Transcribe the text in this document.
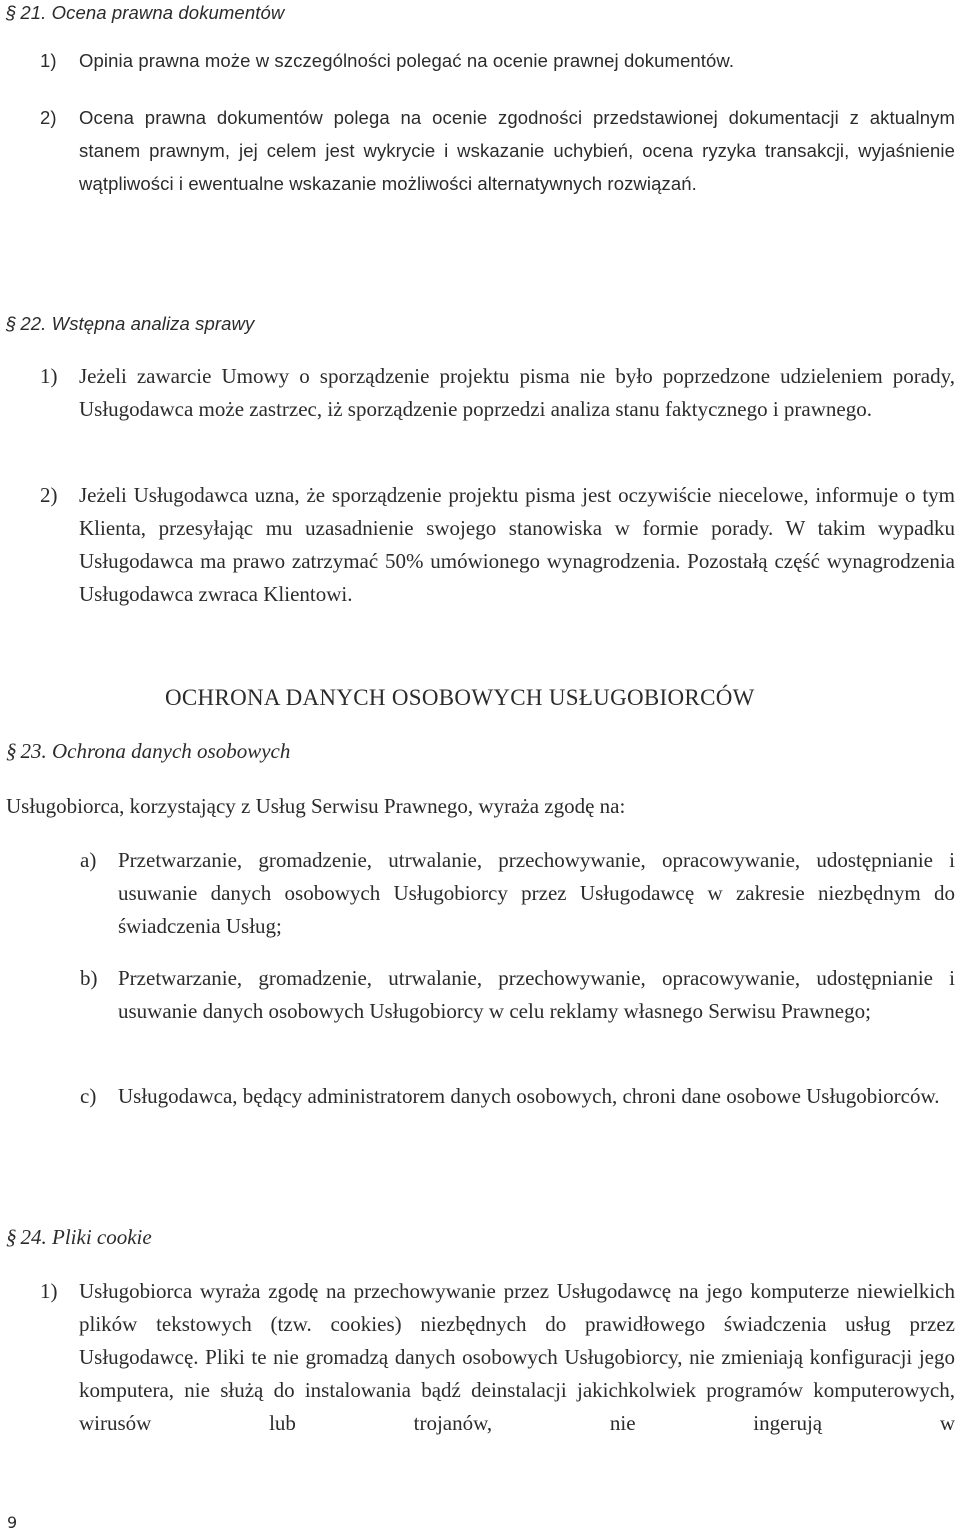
§ 21. Ocena prawna dokumentów
1) Opinia prawna może w szczególności polegać na ocenie prawnej dokumentów.
2) Ocena prawna dokumentów polega na ocenie zgodności przedstawionej dokumentacji z aktualnym stanem prawnym, jej celem jest wykrycie i wskazanie uchybień, ocena ryzyka transakcji, wyjaśnienie wątpliwości i ewentualne wskazanie możliwości alternatywnych rozwiązań.
§ 22. Wstępna analiza sprawy
1) Jeżeli zawarcie Umowy o sporządzenie projektu pisma nie było poprzedzone udzieleniem porady, Usługodawca może zastrzec, iż sporządzenie poprzedzi analiza stanu faktycznego i prawnego.
2) Jeżeli Usługodawca uzna, że sporządzenie projektu pisma jest oczywiście niecelowe, informuje o tym Klienta, przesyłając mu uzasadnienie swojego stanowiska w formie porady. W takim wypadku Usługodawca ma prawo zatrzymać 50% umówionego wynagrodzenia. Pozostałą część wynagrodzenia Usługodawca zwraca Klientowi.
OCHRONA DANYCH OSOBOWYCH USŁUGOBIORCÓW
§ 23. Ochrona danych osobowych
Usługobiorca, korzystający z Usług Serwisu Prawnego, wyraża zgodę na:
a) Przetwarzanie, gromadzenie, utrwalanie, przechowywanie, opracowywanie, udostępnianie i usuwanie danych osobowych Usługobiorcy przez Usługodawcę w zakresie niezbędnym do świadczenia Usług;
b) Przetwarzanie, gromadzenie, utrwalanie, przechowywanie, opracowywanie, udostępnianie i usuwanie danych osobowych Usługobiorcy w celu reklamy własnego Serwisu Prawnego;
c) Usługodawca, będący administratorem danych osobowych, chroni dane osobowe Usługobiorców.
§ 24. Pliki cookie
1) Usługobiorca wyraża zgodę na przechowywanie przez Usługodawcę na jego komputerze niewielkich plików tekstowych (tzw. cookies) niezbędnych do prawidłowego świadczenia usług przez Usługodawcę. Pliki te nie gromadzą danych osobowych Usługobiorcy, nie zmieniają konfiguracji jego komputera, nie służą do instalowania bądź deinstalacji jakichkolwiek programów komputerowych, wirusów lub trojanów, nie ingerują w
9
